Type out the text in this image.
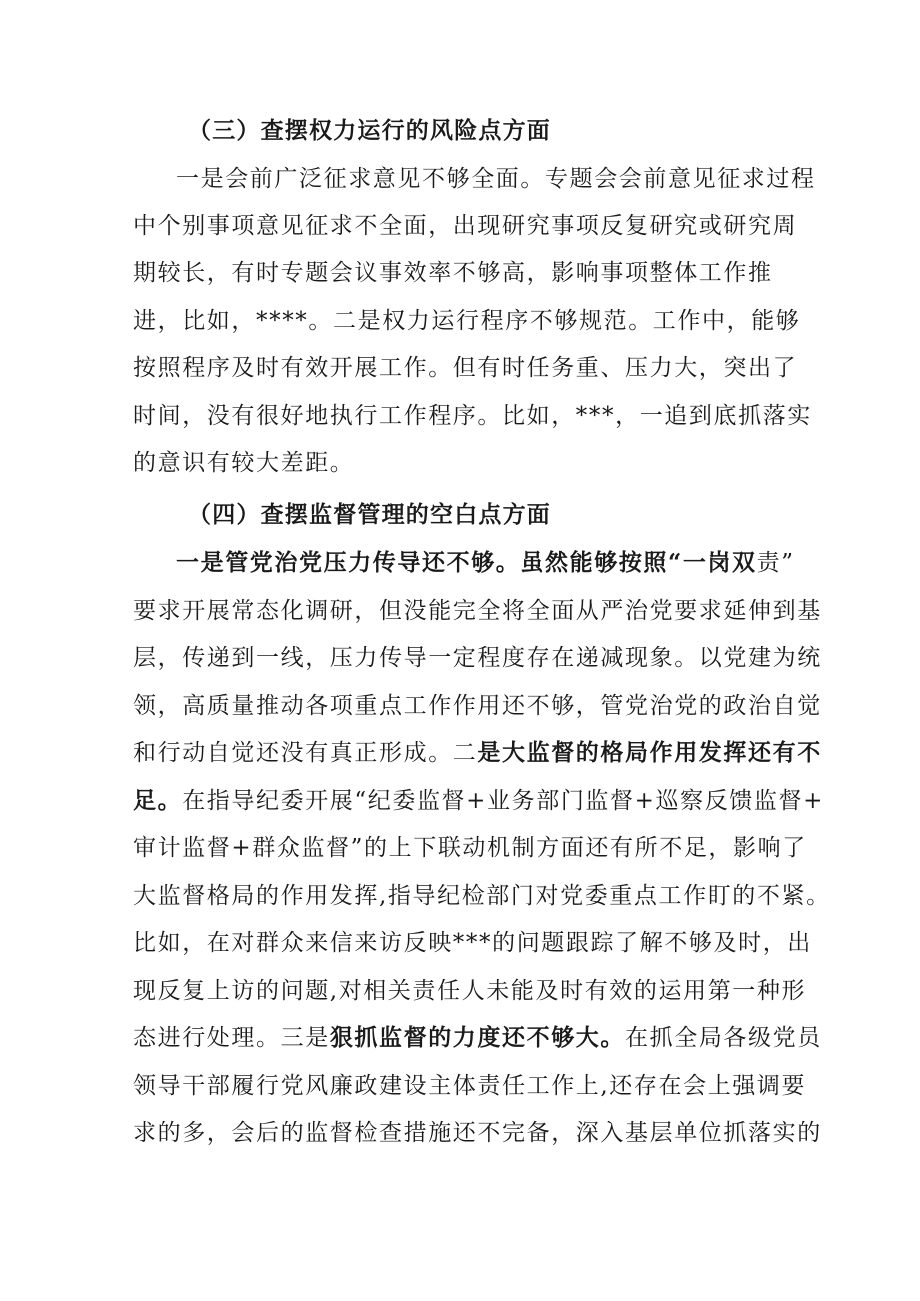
（三）查摆权力运行的风险点方面
一是会前广泛征求意见不够全面。专题会会前意见征求过程
中个别事项意见征求不全面，出现研究事项反复研究或研究周
期较长，有时专题会议事效率不够高，影响事项整体工作推
进，比如，****。二是权力运行程序不够规范。工作中，能够
按照程序及时有效开展工作。但有时任务重、压力大，突出了
时间，没有很好地执行工作程序。比如，***，一追到底抓落实
的意识有较大差距。
（四）查摆监督管理的空白点方面
一是管党治党压力传导还不够。虽然能够按照“一岗双责”
要求开展常态化调研，但没能完全将全面从严治党要求延伸到基
层，传递到一线，压力传导一定程度存在递减现象。以党建为统
领，高质量推动各项重点工作作用还不够，管党治党的政治自觉
和行动自觉还没有真正形成。二是大监督的格局作用发挥还有不
足。在指导纪委开展“纪委监督+业务部门监督+巡察反馈监督+
审计监督+群众监督”的上下联动机制方面还有所不足，影响了
大监督格局的作用发挥,指导纪检部门对党委重点工作盯的不紧。
比如，在对群众来信来访反映***的问题跟踪了解不够及时，出
现反复上访的问题,对相关责任人未能及时有效的运用第一种形
态进行处理。三是狠抓监督的力度还不够大。在抓全局各级党员
领导干部履行党风廉政建设主体责任工作上,还存在会上强调要
求的多，会后的监督检查措施还不完备，深入基层单位抓落实的
